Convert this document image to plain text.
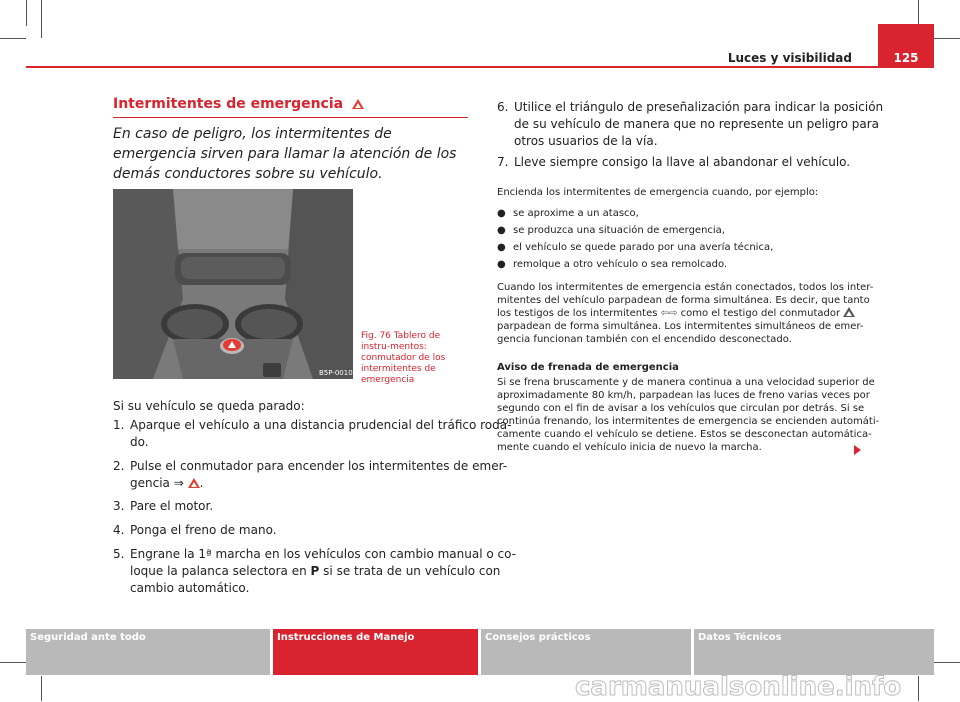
Luces y visibilidad	125
Intermitentes de emergencia
En caso de peligro, los intermitentes de emergencia sirven para llamar la atención de los demás conductores sobre su vehículo.
B5P-0010
Fig. 76 Tablero de instru-mentos: conmutador de los intermitentes de emergencia
Si su vehículo se queda parado:
1. Aparque el vehículo a una distancia prudencial del tráfico roda-
do.
2. Pulse el conmutador para encender los intermitentes de emer-
gencia ⇒ .
3. Pare el motor.
4. Ponga el freno de mano.
5. Engrane la 1ª marcha en los vehículos con cambio manual o co-
loque la palanca selectora en P si se trata de un vehículo con
cambio automático.
6. Utilice el triángulo de preseñalización para indicar la posición
de su vehículo de manera que no represente un peligro para
otros usuarios de la vía.
7. Lleve siempre consigo la llave al abandonar el vehículo.
Encienda los intermitentes de emergencia cuando, por ejemplo:
● se aproxime a un atasco,
● se produzca una situación de emergencia,
● el vehículo se quede parado por una avería técnica,
● remolque a otro vehículo o sea remolcado.
Cuando los intermitentes de emergencia están conectados, todos los inter-
mitentes del vehículo parpadean de forma simultánea. Es decir, que tanto
los testigos de los intermitentes ⇦⇨ como el testigo del conmutador
parpadean de forma simultánea. Los intermitentes simultáneos de emer-
gencia funcionan también con el encendido desconectado.
Aviso de frenada de emergencia
Si se frena bruscamente y de manera continua a una velocidad superior de
aproximadamente 80 km/h, parpadean las luces de freno varias veces por
segundo con el fin de avisar a los vehículos que circulan por detrás. Si se
continúa frenando, los intermitentes de emergencia se encienden automáti-
camente cuando el vehículo se detiene. Estos se desconectan automática-
mente cuando el vehículo inicia de nuevo la marcha.
Seguridad ante todo	Instrucciones de Manejo	Consejos prácticos	Datos Técnicos
carmanualsonline.info
